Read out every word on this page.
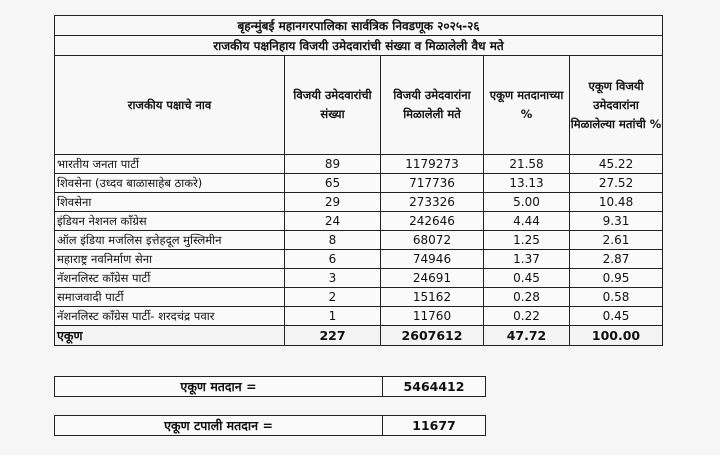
बृहन्मुंबई महानगरपालिका सार्वत्रिक निवडणूक २०२५-२६				
राजकीय पक्षनिहाय विजयी उमेदवारांची संख्या व मिळालेली वैध मते				
राजकीय पक्षाचे नाव	विजयी उमेदवारांची संख्या	विजयी उमेदवारांना मिळालेली मते	एकूण मतदानाच्या %	एकूण विजयी उमेदवारांना मिळालेल्या मतांची %
भारतीय जनता पार्टी	89	1179273	21.58	45.22
शिवसेना (उध्दव बाळासाहेब ठाकरे)	65	717736	13.13	27.52
शिवसेना	29	273326	5.00	10.48
इंडियन नेशनल कॉंग्रेस	24	242646	4.44	9.31
ऑल इंडिया मजलिस इत्तेहदूल मुस्लिमीन	8	68072	1.25	2.61
महाराष्ट्र नवनिर्माण सेना	6	74946	1.37	2.87
नॅशनलिस्ट कॉंग्रेस पार्टी	3	24691	0.45	0.95
समाजवादी पार्टी	2	15162	0.28	0.58
नॅशनलिस्ट कॉंग्रेस पार्टी- शरदचंद्र पवार	1	11760	0.22	0.45
एकूण	227	2607612	47.72	100.00
एकूण मतदान =	5464412
एकूण टपाली मतदान =	11677
